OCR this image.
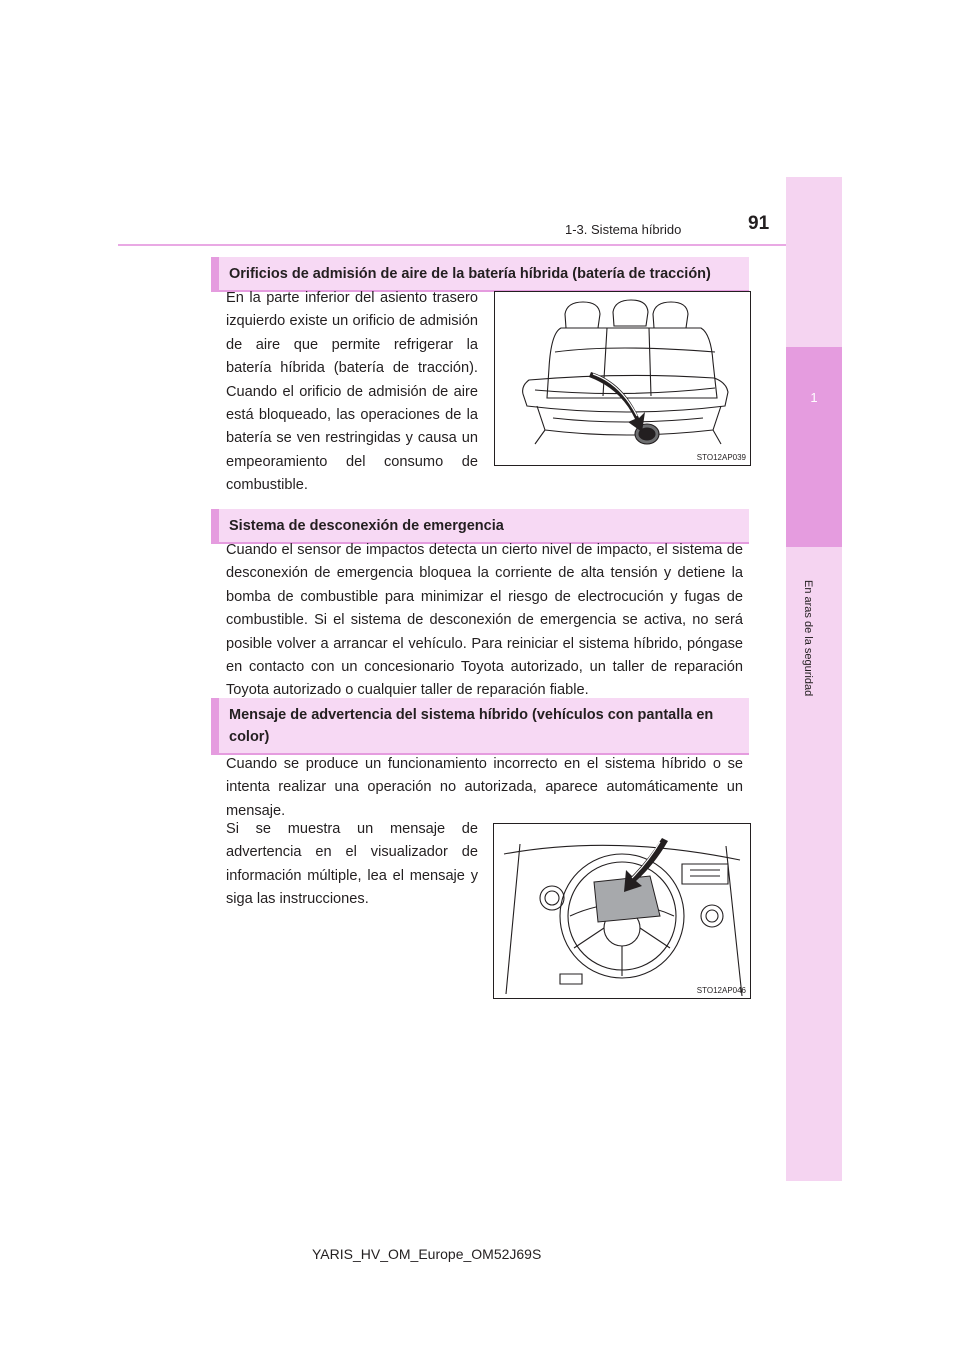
1-3. Sistema híbrido	91
1
En aras de la seguridad
Orificios de admisión de aire de la batería híbrida (batería de tracción)
En la parte inferior del asiento trasero izquierdo existe un orificio de admisión de aire que permite refrigerar la batería híbrida (batería de tracción). Cuando el orificio de admisión de aire está bloqueado, las operaciones de la batería se ven restringidas y causa un empeoramiento del consumo de combustible.
STO12AP039
Sistema de desconexión de emergencia
Cuando el sensor de impactos detecta un cierto nivel de impacto, el sistema de desconexión de emergencia bloquea la corriente de alta tensión y detiene la bomba de combustible para minimizar el riesgo de electrocución y fugas de combustible. Si el sistema de desconexión de emergencia se activa, no será posible volver a arrancar el vehículo. Para reiniciar el sistema híbrido, póngase en contacto con un concesionario Toyota autorizado, un taller de reparación Toyota autorizado o cualquier taller de reparación fiable.
Mensaje de advertencia del sistema híbrido (vehículos con pantalla en color)
Cuando se produce un funcionamiento incorrecto en el sistema híbrido o se intenta realizar una operación no autorizada, aparece automáticamente un mensaje.
Si se muestra un mensaje de advertencia en el visualizador de información múltiple, lea el mensaje y siga las instrucciones.
STO12AP046
YARIS_HV_OM_Europe_OM52J69S
